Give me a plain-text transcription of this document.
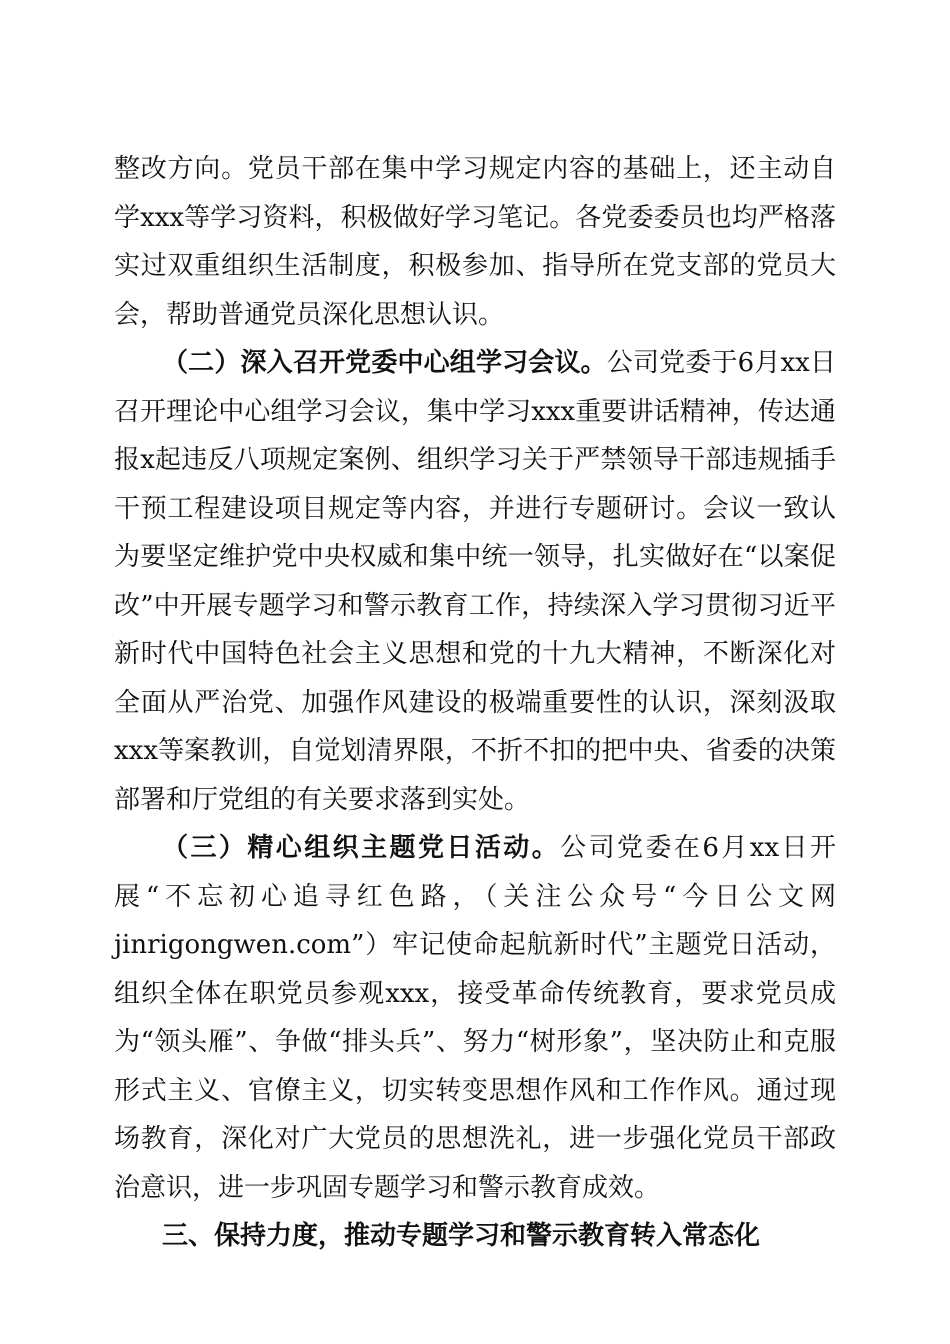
整改方向。党员干部在集中学习规定内容的基础上，还主动自学xxx等学习资料，积极做好学习笔记。各党委委员也均严格落实过双重组织生活制度，积极参加、指导所在党支部的党员大会，帮助普通党员深化思想认识。

（二）深入召开党委中心组学习会议。公司党委于6月xx日召开理论中心组学习会议，集中学习xxx重要讲话精神，传达通报x起违反八项规定案例、组织学习关于严禁领导干部违规插手干预工程建设项目规定等内容，并进行专题研讨。会议一致认为要坚定维护党中央权威和集中统一领导，扎实做好在“以案促改”中开展专题学习和警示教育工作，持续深入学习贯彻习近平新时代中国特色社会主义思想和党的十九大精神，不断深化对全面从严治党、加强作风建设的极端重要性的认识，深刻汲取xxx等案教训，自觉划清界限，不折不扣的把中央、省委的决策部署和厅党组的有关要求落到实处。

（三）精心组织主题党日活动。公司党委在6月xx日开展“不忘初心追寻红色路，（关注公众号“今日公文网jinrigongwen.com”）牢记使命起航新时代”主题党日活动，组织全体在职党员参观xxx，接受革命传统教育，要求党员成为“领头雁”、争做“排头兵”、努力“树形象”，坚决防止和克服形式主义、官僚主义，切实转变思想作风和工作作风。通过现场教育，深化对广大党员的思想洗礼，进一步强化党员干部政治意识，进一步巩固专题学习和警示教育成效。

三、保持力度，推动专题学习和警示教育转入常态化
